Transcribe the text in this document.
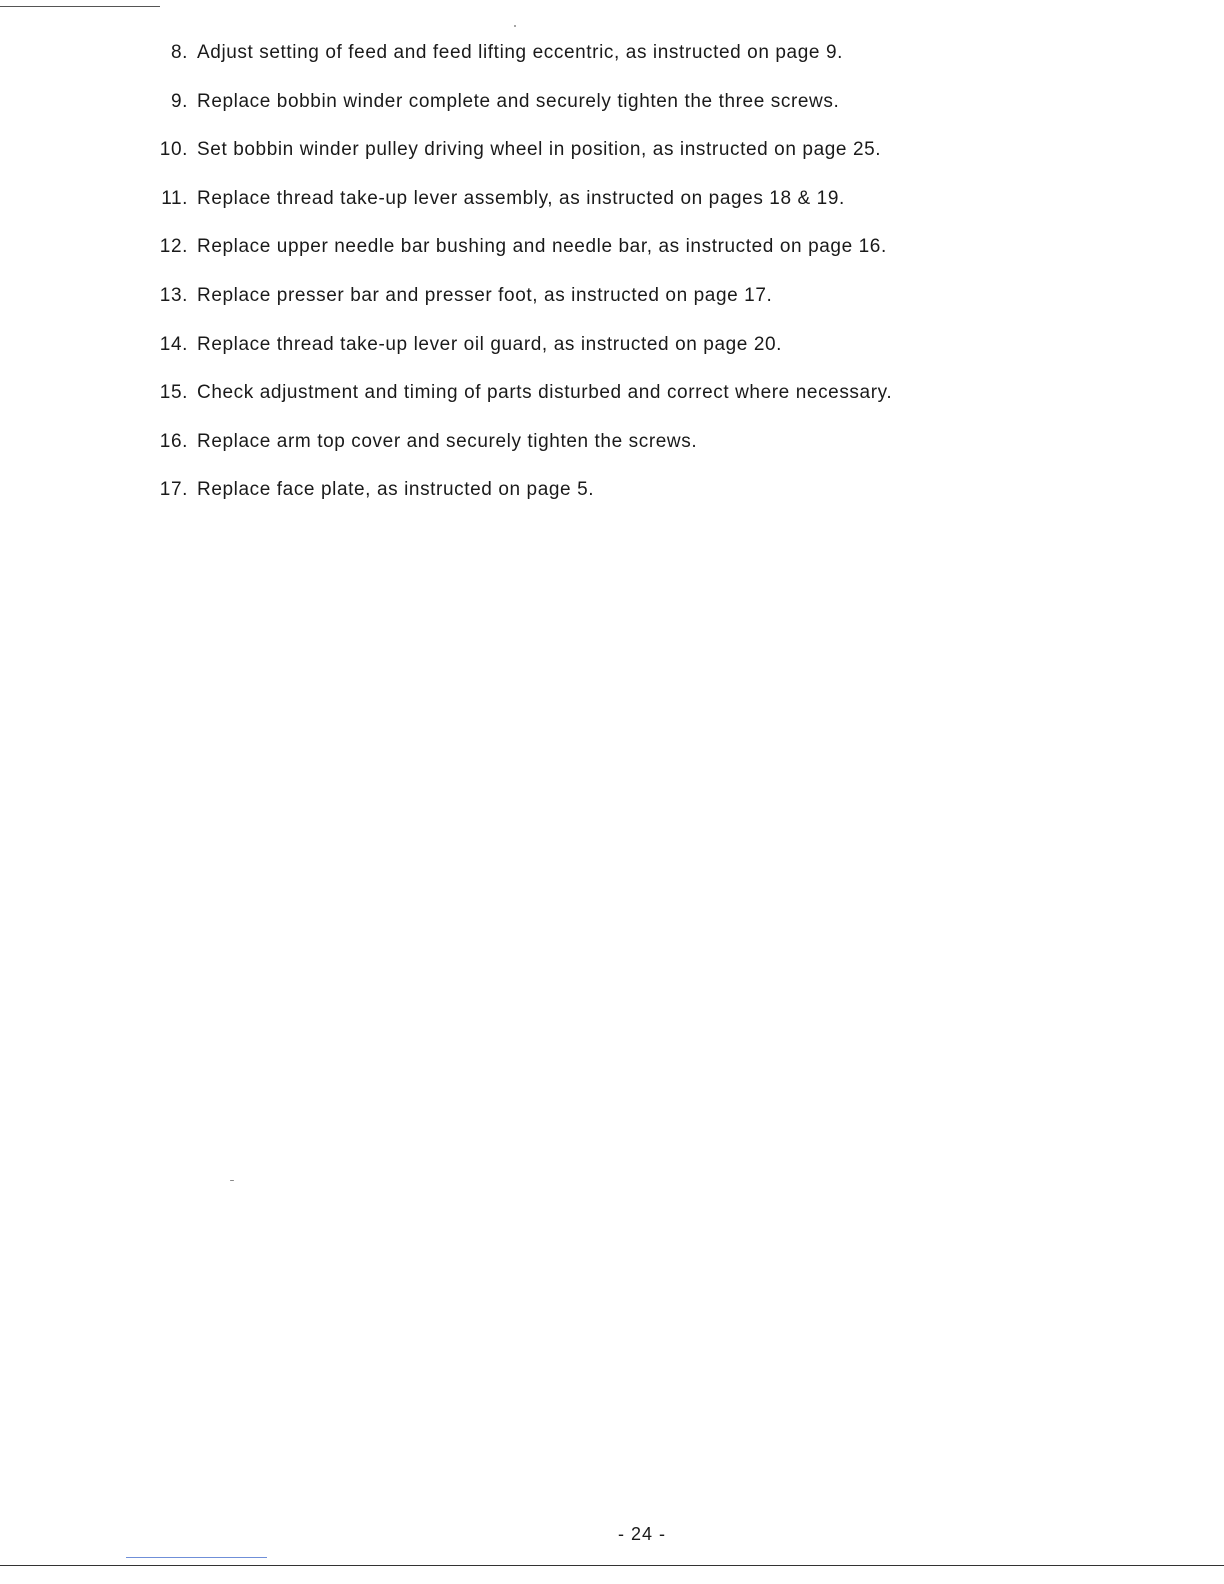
8. Adjust setting of feed and feed lifting eccentric, as instructed on page 9.
9. Replace bobbin winder complete and securely tighten the three screws.
10. Set bobbin winder pulley driving wheel in position, as instructed on page 25.
11. Replace thread take-up lever assembly, as instructed on pages 18 & 19.
12. Replace upper needle bar bushing and needle bar, as instructed on page 16.
13. Replace presser bar and presser foot, as instructed on page 17.
14. Replace thread take-up lever oil guard, as instructed on page 20.
15. Check adjustment and timing of parts disturbed and correct where necessary.
16. Replace arm top cover and securely tighten the screws.
17. Replace face plate, as instructed on page 5.
- 24 -
